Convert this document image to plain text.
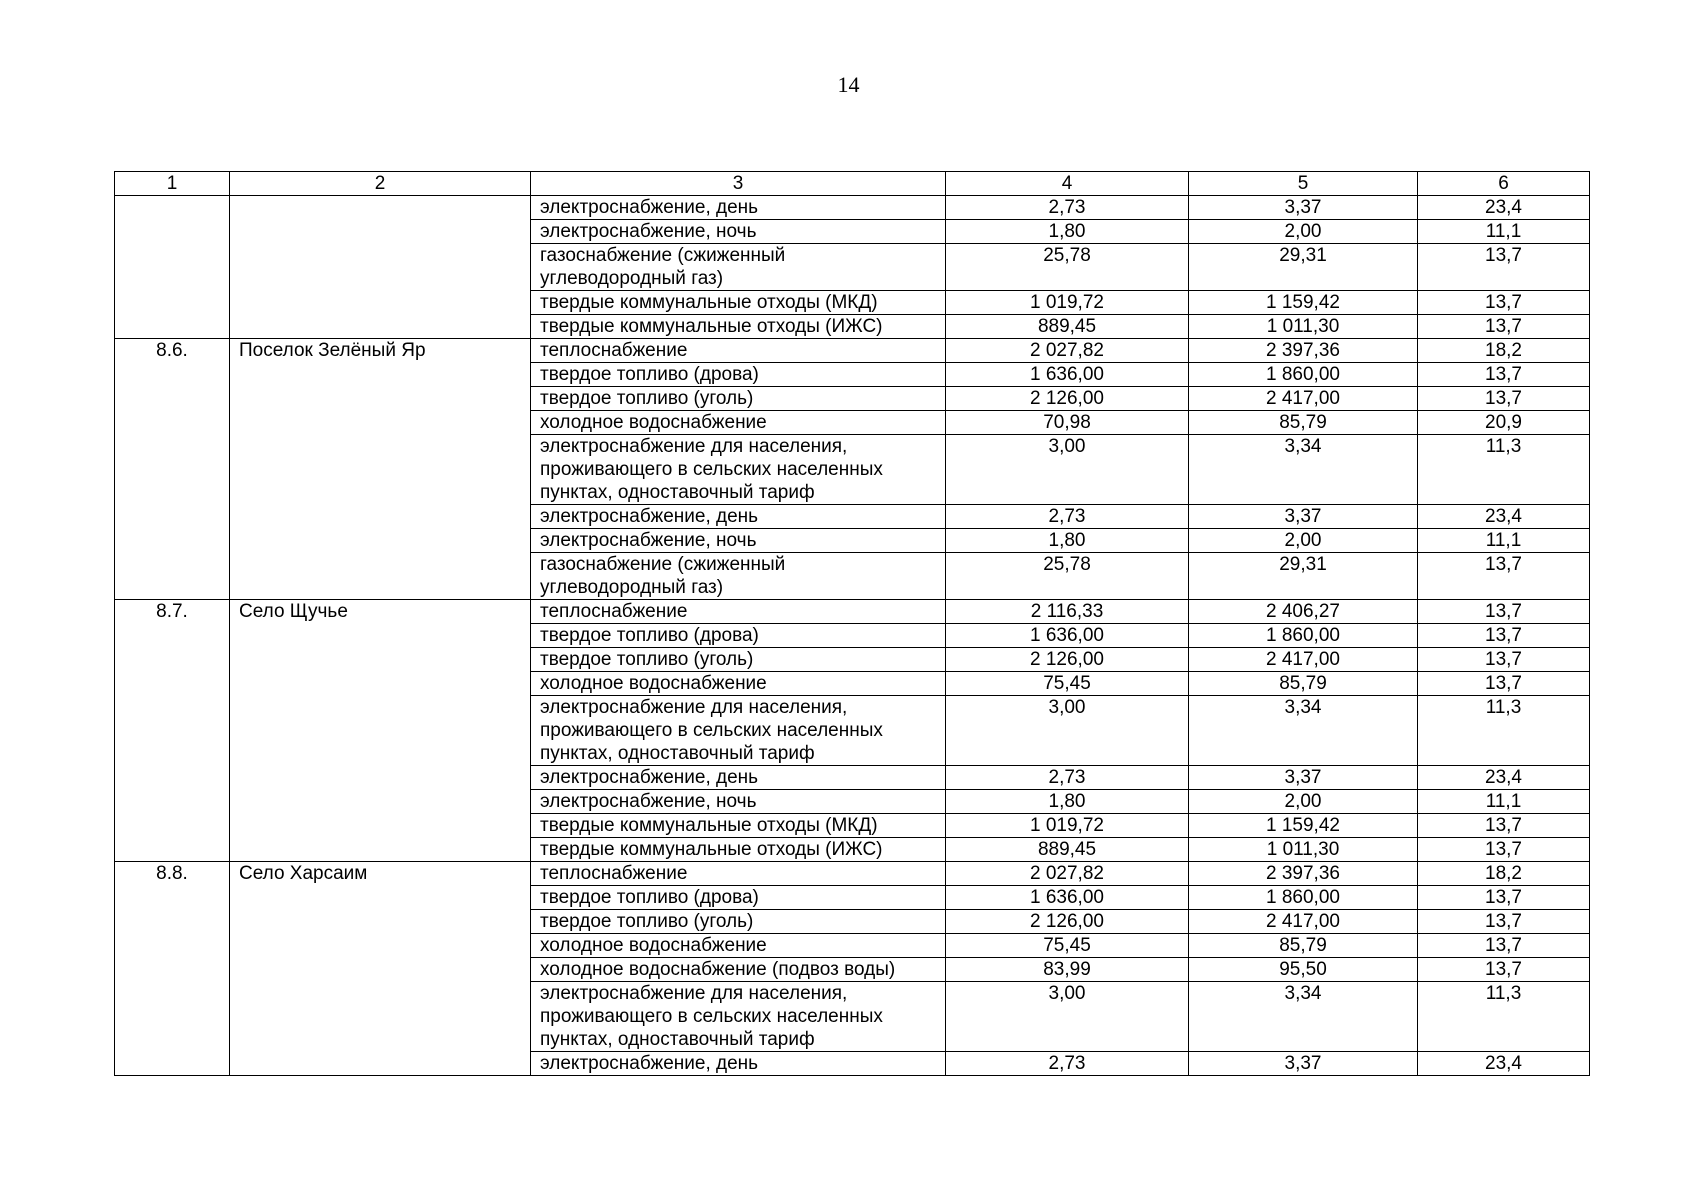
14
1	2	3	4	5	6
		электроснабжение, день	2,73	3,37	23,4
		электроснабжение, ночь	1,80	2,00	11,1
		газоснабжение (сжиженный
углеводородный газ)	25,78	29,31	13,7
		твердые коммунальные отходы (МКД)	1 019,72	1 159,42	13,7
		твердые коммунальные отходы (ИЖС)	889,45	1 011,30	13,7
8.6.	Поселок Зелёный Яр	теплоснабжение	2 027,82	2 397,36	18,2
		твердое топливо (дрова)	1 636,00	1 860,00	13,7
		твердое топливо (уголь)	2 126,00	2 417,00	13,7
		холодное водоснабжение	70,98	85,79	20,9
		электроснабжение для населения,
проживающего в сельских населенных
пунктах, одноставочный тариф	3,00	3,34	11,3
		электроснабжение, день	2,73	3,37	23,4
		электроснабжение, ночь	1,80	2,00	11,1
		газоснабжение (сжиженный
углеводородный газ)	25,78	29,31	13,7
8.7.	Село Щучье	теплоснабжение	2 116,33	2 406,27	13,7
		твердое топливо (дрова)	1 636,00	1 860,00	13,7
		твердое топливо (уголь)	2 126,00	2 417,00	13,7
		холодное водоснабжение	75,45	85,79	13,7
		электроснабжение для населения,
проживающего в сельских населенных
пунктах, одноставочный тариф	3,00	3,34	11,3
		электроснабжение, день	2,73	3,37	23,4
		электроснабжение, ночь	1,80	2,00	11,1
		твердые коммунальные отходы (МКД)	1 019,72	1 159,42	13,7
		твердые коммунальные отходы (ИЖС)	889,45	1 011,30	13,7
8.8.	Село Харсаим	теплоснабжение	2 027,82	2 397,36	18,2
		твердое топливо (дрова)	1 636,00	1 860,00	13,7
		твердое топливо (уголь)	2 126,00	2 417,00	13,7
		холодное водоснабжение	75,45	85,79	13,7
		холодное водоснабжение (подвоз воды)	83,99	95,50	13,7
		электроснабжение для населения,
проживающего в сельских населенных
пунктах, одноставочный тариф	3,00	3,34	11,3
		электроснабжение, день	2,73	3,37	23,4
